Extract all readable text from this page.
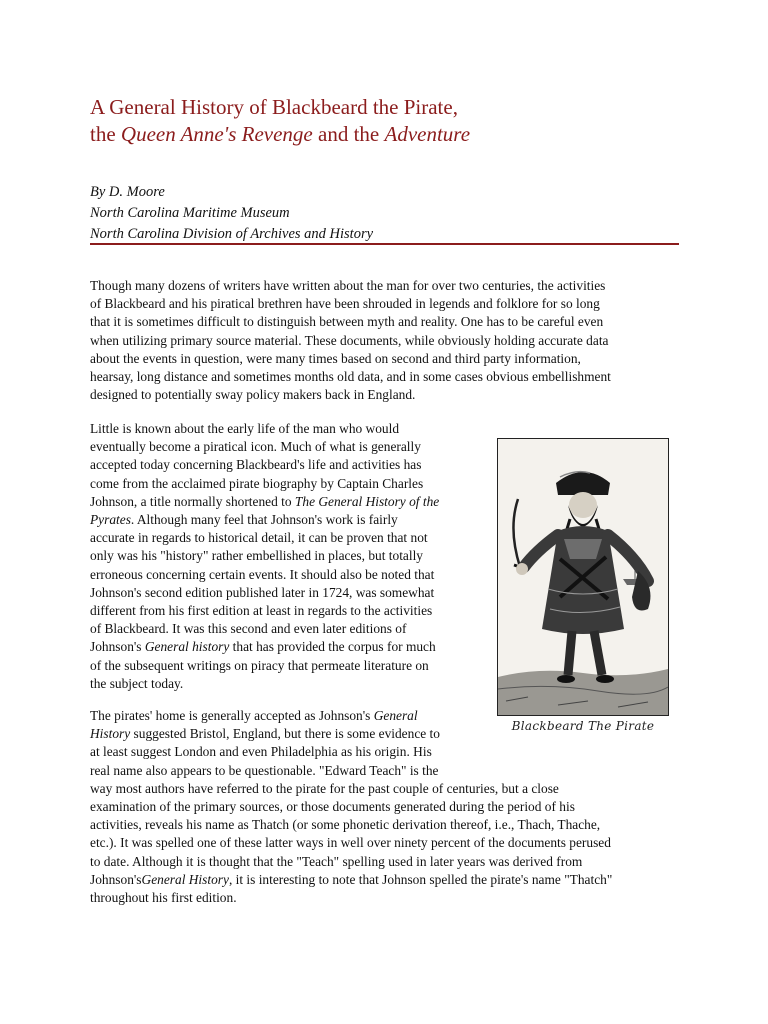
A General History of Blackbeard the Pirate,
the Queen Anne's Revenge and the Adventure
By D. Moore
North Carolina Maritime Museum
North Carolina Division of Archives and History

Though many dozens of writers have written about the man for over two centuries, the activities
of Blackbeard and his piratical brethren have been shrouded in legends and folklore for so long
that it is sometimes difficult to distinguish between myth and reality. One has to be careful even
when utilizing primary source material. These documents, while obviously holding accurate data
about the events in question, were many times based on second and third party information,
hearsay, long distance and sometimes months old data, and in some cases obvious embellishment
designed to potentially sway policy makers back in England.

Little is known about the early life of the man who would
eventually become a piratical icon. Much of what is generally
accepted today concerning Blackbeard's life and activities has
come from the acclaimed pirate biography by Captain Charles
Johnson, a title normally shortened to The General History of the
Pyrates. Although many feel that Johnson's work is fairly
accurate in regards to historical detail, it can be proven that not
only was his "history" rather embellished in places, but totally
erroneous concerning certain events. It should also be noted that
Johnson's second edition published later in 1724, was somewhat
different from his first edition at least in regards to the activities
of Blackbeard. It was this second and even later editions of
Johnson's General history that has provided the corpus for much
of the subsequent writings on piracy that permeate literature on
the subject today.

The pirates' home is generally accepted as Johnson's General
History suggested Bristol, England, but there is some evidence to
at least suggest London and even Philadelphia as his origin. His
real name also appears to be questionable. "Edward Teach" is the
way most authors have referred to the pirate for the past couple of centuries, but a close
examination of the primary sources, or those documents generated during the period of his
activities, reveals his name as Thatch (or some phonetic derivation thereof, i.e., Thach, Thache,
etc.). It was spelled one of these latter ways in well over ninety percent of the documents perused
to date. Although it is thought that the "Teach" spelling used in later years was derived from
Johnson'sGeneral History, it is interesting to note that Johnson spelled the pirate's name "Thatch"
throughout his first edition.

Blackbeard The Pirate
